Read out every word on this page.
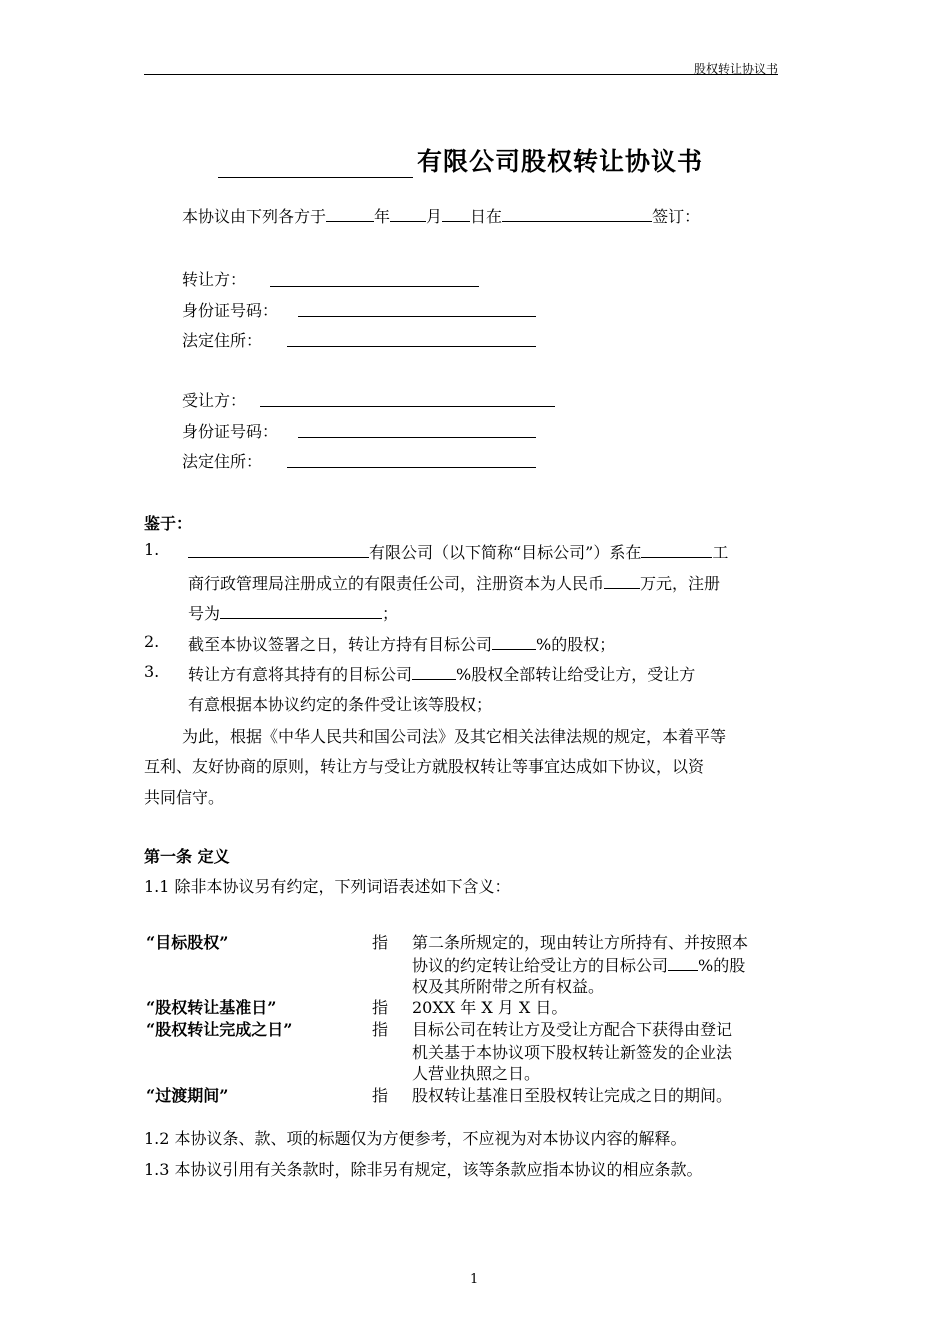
股权转让协议书
有限公司股权转让协议书
本协议由下列各方于	年 月 日在	签订：
转让方：
身份证号码：
法定住所：
受让方：
身份证号码：
法定住所：
鉴于：
1.	有限公司（以下简称“目标公司”）系在	工
商行政管理局注册成立的有限责任公司，注册资本为人民币 万元，注册
号为	；
2. 截至本协议签署之日，转让方持有目标公司	%的股权；
3. 转让方有意将其持有的目标公司	%股权全部转让给受让方，受让方
有意根据本协议约定的条件受让该等股权；
为此，根据《中华人民共和国公司法》及其它相关法律法规的规定，本着平等
互利、友好协商的原则，转让方与受让方就股权转让等事宜达成如下协议，以资
共同信守。
第一条 定义
1.1 除非本协议另有约定，下列词语表述如下含义：
“目标股权”	指 第二条所规定的，现由转让方所持有、并按照本
协议的约定转让给受让方的目标公司 %的股
权及其所附带之所有权益。
“股权转让基准日”	指 20XX 年 X 月 X 日。
“股权转让完成之日”	指 目标公司在转让方及受让方配合下获得由登记
机关基于本协议项下股权转让新签发的企业法
人营业执照之日。
“过渡期间”	指 股权转让基准日至股权转让完成之日的期间。
1.2 本协议条、款、项的标题仅为方便参考，不应视为对本协议内容的解释。
1.3 本协议引用有关条款时，除非另有规定，该等条款应指本协议的相应条款。
1
